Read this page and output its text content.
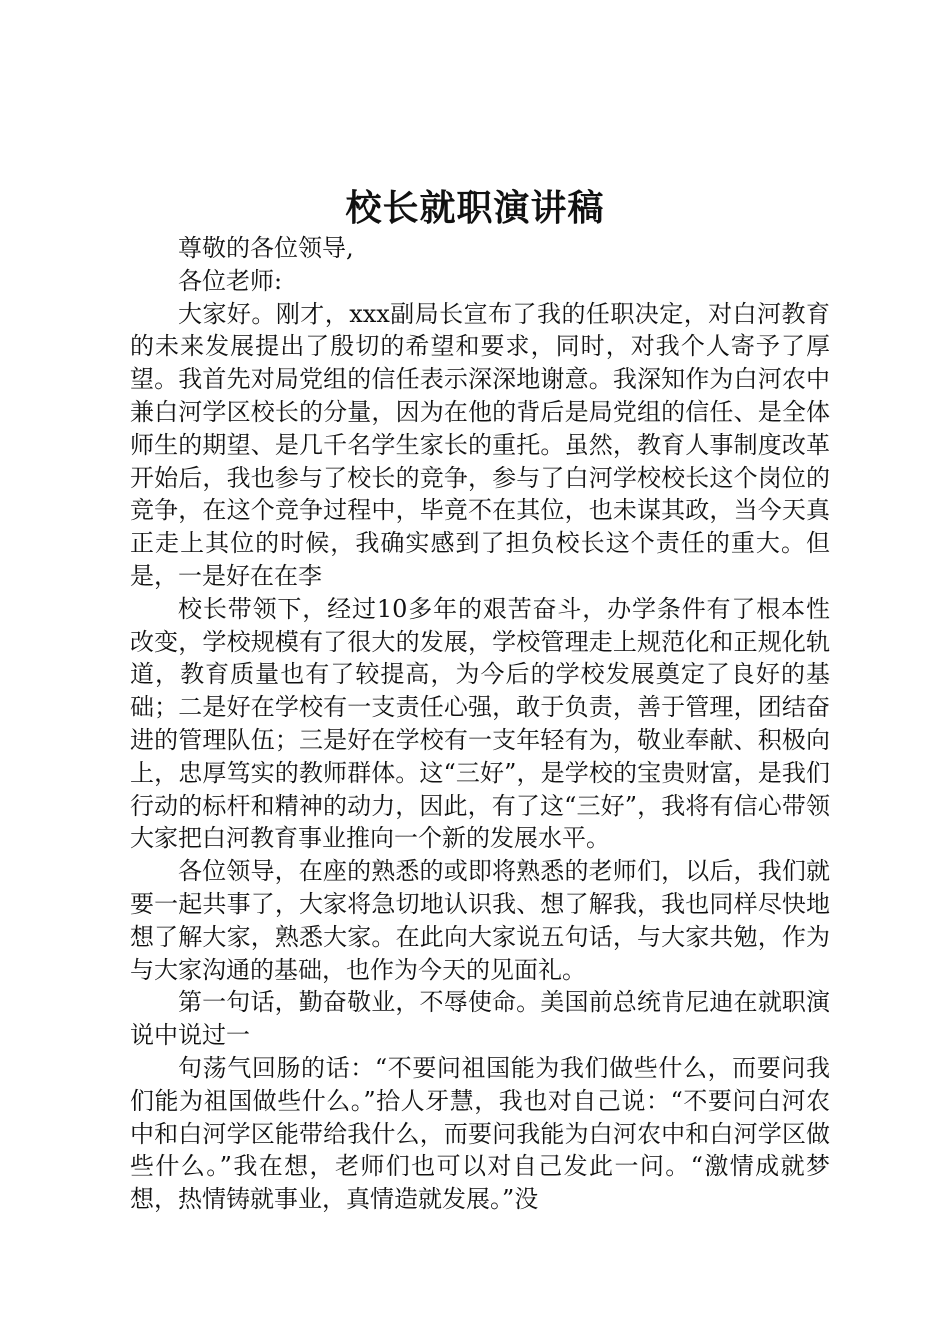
校长就职演讲稿

尊敬的各位领导,

各位老师:

大家好。刚才，xxx副局长宣布了我的任职决定，对白河教育的未来发展提出了殷切的希望和要求，同时，对我个人寄予了厚望。我首先对局党组的信任表示深深地谢意。我深知作为白河农中兼白河学区校长的分量，因为在他的背后是局党组的信任、是全体师生的期望、是几千名学生家长的重托。虽然，教育人事制度改革开始后，我也参与了校长的竞争，参与了白河学校校长这个岗位的竞争，在这个竞争过程中，毕竟不在其位，也未谋其政，当今天真正走上其位的时候，我确实感到了担负校长这个责任的重大。但是，一是好在在李

校长带领下，经过10多年的艰苦奋斗，办学条件有了根本性改变，学校规模有了很大的发展，学校管理走上规范化和正规化轨道，教育质量也有了较提高，为今后的学校发展奠定了良好的基础；二是好在学校有一支责任心强，敢于负责，善于管理，团结奋进的管理队伍；三是好在学校有一支年轻有为，敬业奉献、积极向上，忠厚笃实的教师群体。这“三好”，是学校的宝贵财富，是我们行动的标杆和精神的动力，因此，有了这“三好”，我将有信心带领大家把白河教育事业推向一个新的发展水平。

各位领导，在座的熟悉的或即将熟悉的老师们，以后，我们就要一起共事了，大家将急切地认识我、想了解我，我也同样尽快地想了解大家，熟悉大家。在此向大家说五句话，与大家共勉，作为与大家沟通的基础，也作为今天的见面礼。

第一句话，勤奋敬业，不辱使命。美国前总统肯尼迪在就职演说中说过一

句荡气回肠的话：“不要问祖国能为我们做些什么，而要问我们能为祖国做些什么。”拾人牙慧，我也对自己说：“不要问白河农中和白河学区能带给我什么，而要问我能为白河农中和白河学区做些什么。”我在想，老师们也可以对自己发此一问。“激情成就梦想，热情铸就事业，真情造就发展。”没
